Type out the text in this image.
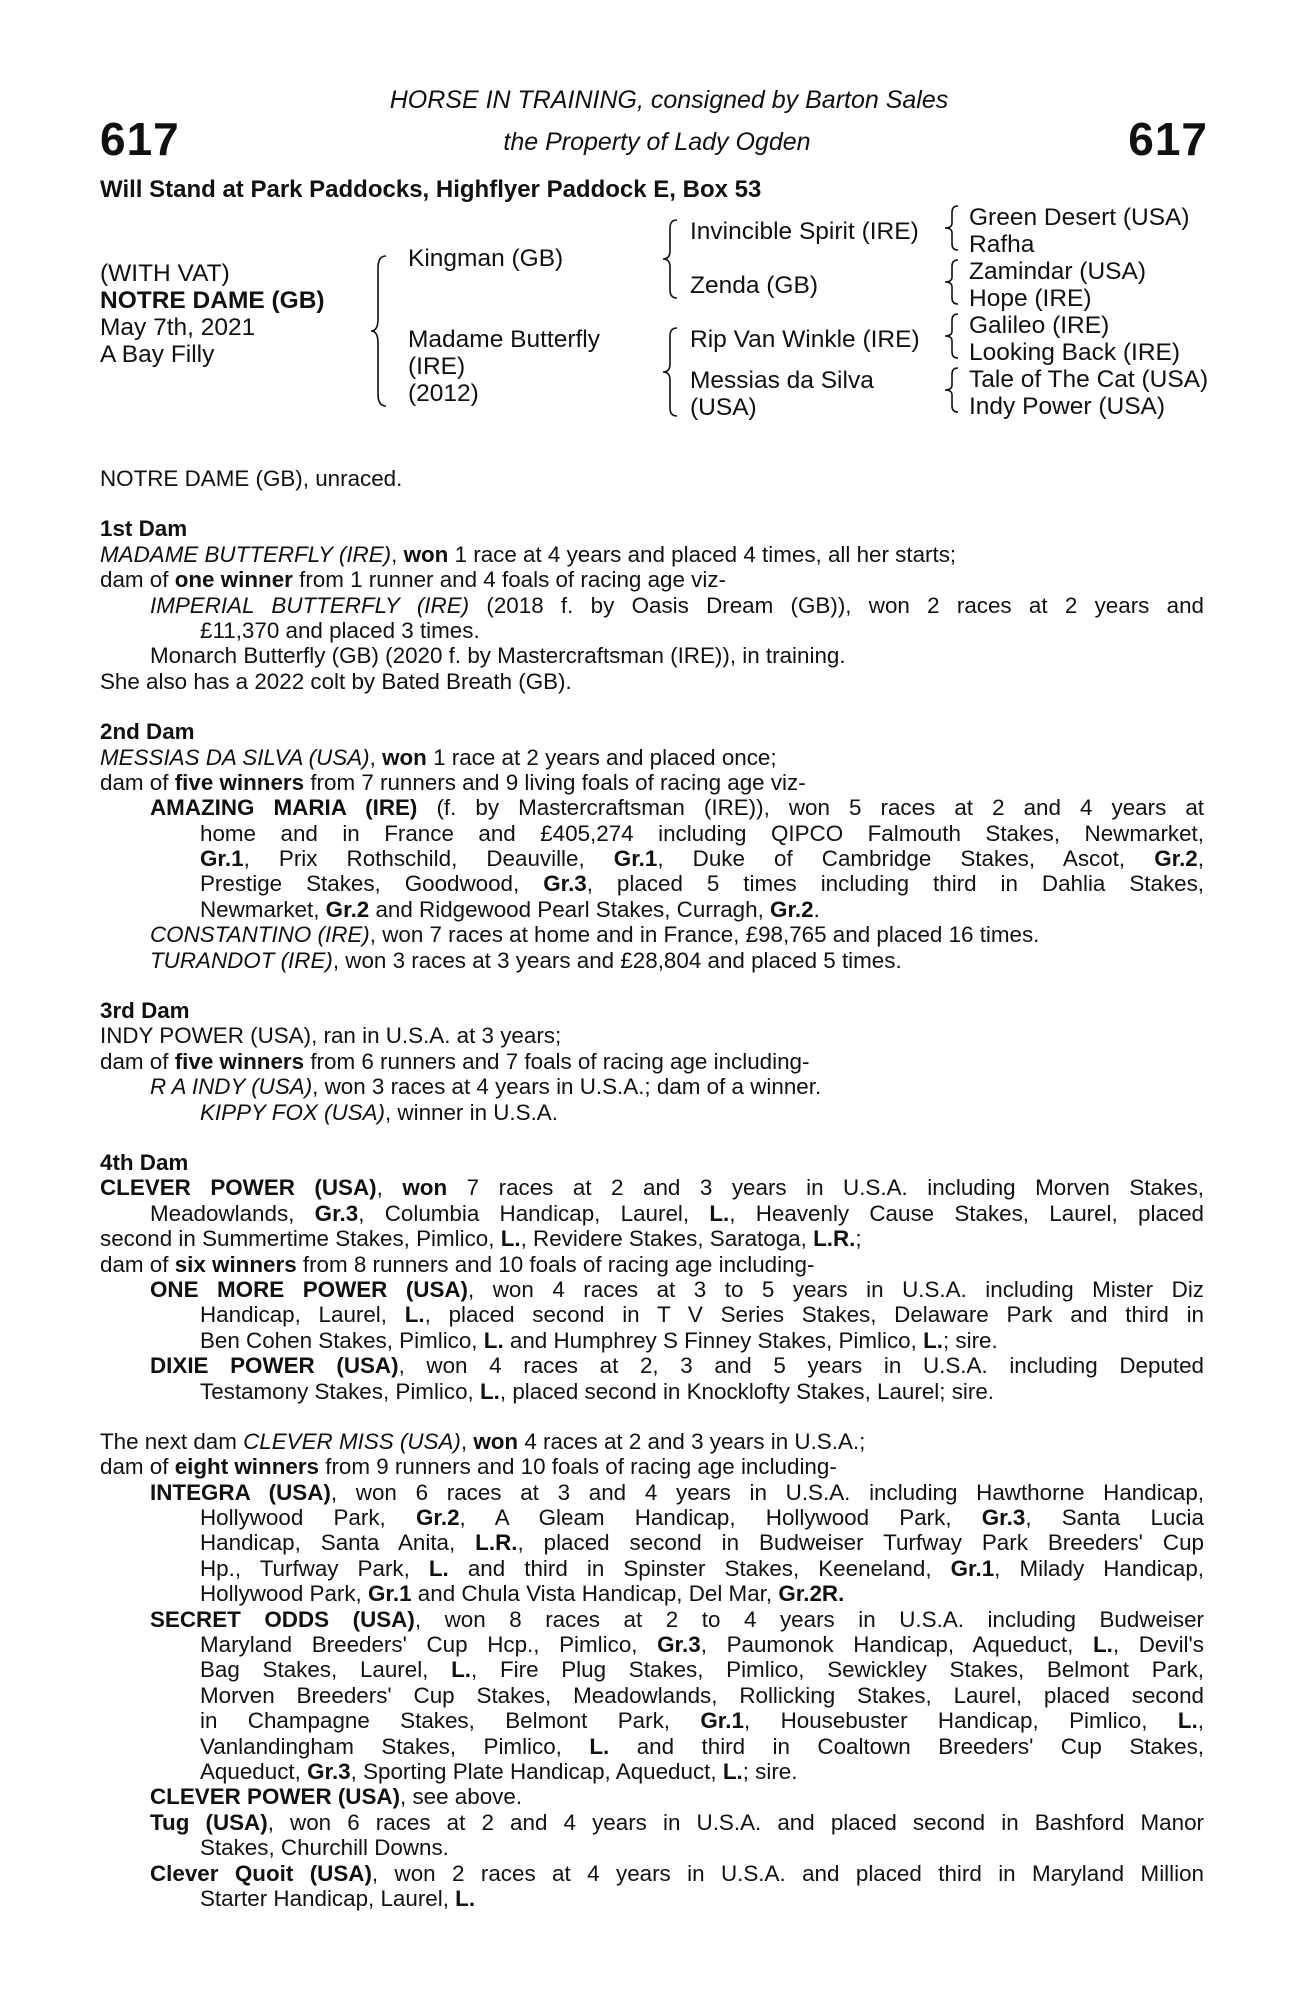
617	617
HORSE IN TRAINING, consigned by Barton Sales
the Property of Lady Ogden
Will Stand at Park Paddocks, Highflyer Paddock E, Box 53
(WITH VAT)
NOTRE DAME (GB)
May 7th, 2021
A Bay Filly
Kingman (GB)
Madame Butterfly
(IRE)
(2012)
Invincible Spirit (IRE)
Zenda (GB)
Rip Van Winkle (IRE)
Messias da Silva
(USA)
Green Desert (USA)
Rafha
Zamindar (USA)
Hope (IRE)
Galileo (IRE)
Looking Back (IRE)
Tale of The Cat (USA)
Indy Power (USA)
NOTRE DAME (GB), unraced.
1st Dam
MADAME BUTTERFLY (IRE), won 1 race at 4 years and placed 4 times, all her starts;
dam of one winner from 1 runner and 4 foals of racing age viz-
IMPERIAL BUTTERFLY (IRE) (2018 f. by Oasis Dream (GB)), won 2 races at 2 years and
£11,370 and placed 3 times.
Monarch Butterfly (GB) (2020 f. by Mastercraftsman (IRE)), in training.
She also has a 2022 colt by Bated Breath (GB).
2nd Dam
MESSIAS DA SILVA (USA), won 1 race at 2 years and placed once;
dam of five winners from 7 runners and 9 living foals of racing age viz-
AMAZING MARIA (IRE) (f. by Mastercraftsman (IRE)), won 5 races at 2 and 4 years at
home and in France and £405,274 including QIPCO Falmouth Stakes, Newmarket,
Gr.1, Prix Rothschild, Deauville, Gr.1, Duke of Cambridge Stakes, Ascot, Gr.2,
Prestige Stakes, Goodwood, Gr.3, placed 5 times including third in Dahlia Stakes,
Newmarket, Gr.2 and Ridgewood Pearl Stakes, Curragh, Gr.2.
CONSTANTINO (IRE), won 7 races at home and in France, £98,765 and placed 16 times.
TURANDOT (IRE), won 3 races at 3 years and £28,804 and placed 5 times.
3rd Dam
INDY POWER (USA), ran in U.S.A. at 3 years;
dam of five winners from 6 runners and 7 foals of racing age including-
R A INDY (USA), won 3 races at 4 years in U.S.A.; dam of a winner.
KIPPY FOX (USA), winner in U.S.A.
4th Dam
CLEVER POWER (USA), won 7 races at 2 and 3 years in U.S.A. including Morven Stakes,
Meadowlands, Gr.3, Columbia Handicap, Laurel, L., Heavenly Cause Stakes, Laurel, placed
second in Summertime Stakes, Pimlico, L., Revidere Stakes, Saratoga, L.R.;
dam of six winners from 8 runners and 10 foals of racing age including-
ONE MORE POWER (USA), won 4 races at 3 to 5 years in U.S.A. including Mister Diz
Handicap, Laurel, L., placed second in T V Series Stakes, Delaware Park and third in
Ben Cohen Stakes, Pimlico, L. and Humphrey S Finney Stakes, Pimlico, L.; sire.
DIXIE POWER (USA), won 4 races at 2, 3 and 5 years in U.S.A. including Deputed
Testamony Stakes, Pimlico, L., placed second in Knocklofty Stakes, Laurel; sire.
The next dam CLEVER MISS (USA), won 4 races at 2 and 3 years in U.S.A.;
dam of eight winners from 9 runners and 10 foals of racing age including-
INTEGRA (USA), won 6 races at 3 and 4 years in U.S.A. including Hawthorne Handicap,
Hollywood Park, Gr.2, A Gleam Handicap, Hollywood Park, Gr.3, Santa Lucia
Handicap, Santa Anita, L.R., placed second in Budweiser Turfway Park Breeders' Cup
Hp., Turfway Park, L. and third in Spinster Stakes, Keeneland, Gr.1, Milady Handicap,
Hollywood Park, Gr.1 and Chula Vista Handicap, Del Mar, Gr.2R.
SECRET ODDS (USA), won 8 races at 2 to 4 years in U.S.A. including Budweiser
Maryland Breeders' Cup Hcp., Pimlico, Gr.3, Paumonok Handicap, Aqueduct, L., Devil's
Bag Stakes, Laurel, L., Fire Plug Stakes, Pimlico, Sewickley Stakes, Belmont Park,
Morven Breeders' Cup Stakes, Meadowlands, Rollicking Stakes, Laurel, placed second
in Champagne Stakes, Belmont Park, Gr.1, Housebuster Handicap, Pimlico, L.,
Vanlandingham Stakes, Pimlico, L. and third in Coaltown Breeders' Cup Stakes,
Aqueduct, Gr.3, Sporting Plate Handicap, Aqueduct, L.; sire.
CLEVER POWER (USA), see above.
Tug (USA), won 6 races at 2 and 4 years in U.S.A. and placed second in Bashford Manor
Stakes, Churchill Downs.
Clever Quoit (USA), won 2 races at 4 years in U.S.A. and placed third in Maryland Million
Starter Handicap, Laurel, L.
